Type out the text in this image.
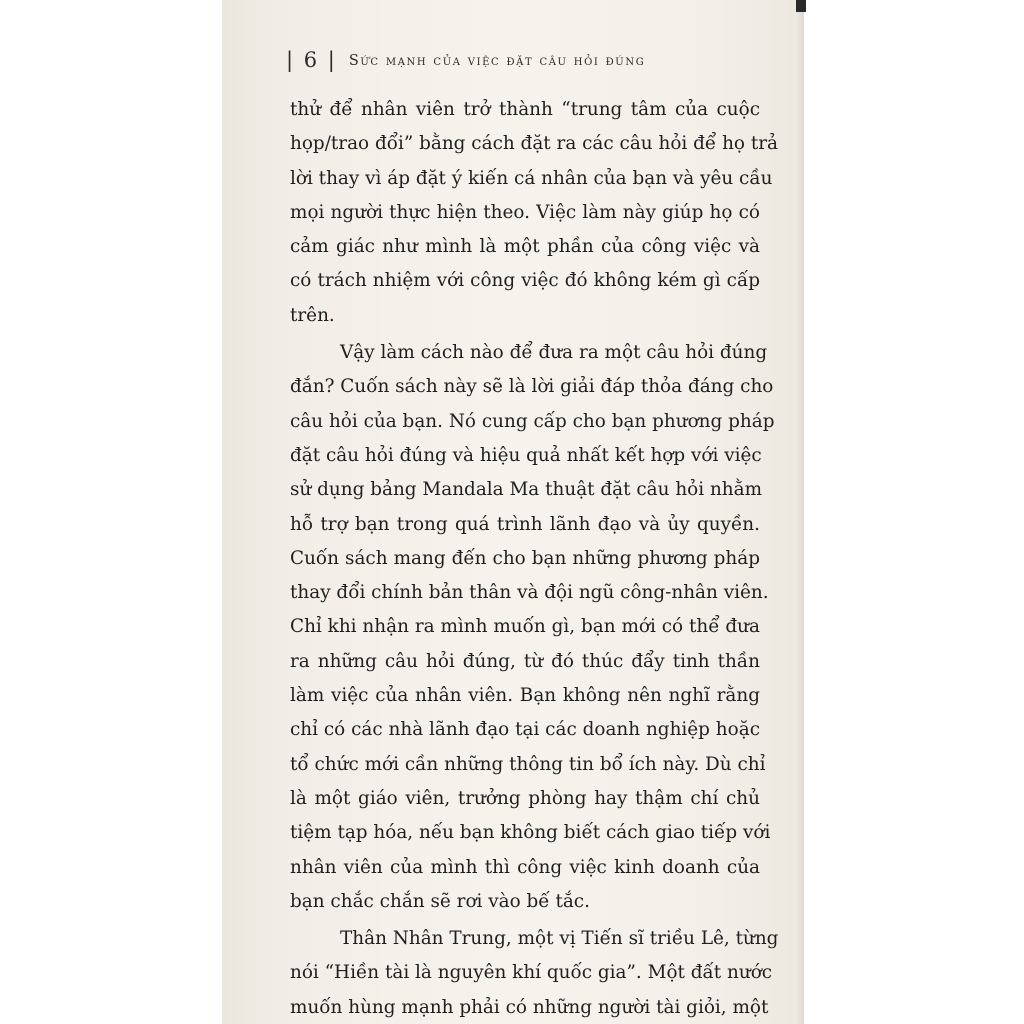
| 6 | Sức mạnh của việc đặt câu hỏi đúng
thử để nhân viên trở thành “trung tâm của cuộc
họp/trao đổi” bằng cách đặt ra các câu hỏi để họ trả
lời thay vì áp đặt ý kiến cá nhân của bạn và yêu cầu
mọi người thực hiện theo. Việc làm này giúp họ có
cảm giác như mình là một phần của công việc và
có trách nhiệm với công việc đó không kém gì cấp
trên.
Vậy làm cách nào để đưa ra một câu hỏi đúng
đắn? Cuốn sách này sẽ là lời giải đáp thỏa đáng cho
câu hỏi của bạn. Nó cung cấp cho bạn phương pháp
đặt câu hỏi đúng và hiệu quả nhất kết hợp với việc
sử dụng bảng Mandala Ma thuật đặt câu hỏi nhằm
hỗ trợ bạn trong quá trình lãnh đạo và ủy quyền.
Cuốn sách mang đến cho bạn những phương pháp
thay đổi chính bản thân và đội ngũ công-nhân viên.
Chỉ khi nhận ra mình muốn gì, bạn mới có thể đưa
ra những câu hỏi đúng, từ đó thúc đẩy tinh thần
làm việc của nhân viên. Bạn không nên nghĩ rằng
chỉ có các nhà lãnh đạo tại các doanh nghiệp hoặc
tổ chức mới cần những thông tin bổ ích này. Dù chỉ
là một giáo viên, trưởng phòng hay thậm chí chủ
tiệm tạp hóa, nếu bạn không biết cách giao tiếp với
nhân viên của mình thì công việc kinh doanh của
bạn chắc chắn sẽ rơi vào bế tắc.
Thân Nhân Trung, một vị Tiến sĩ triều Lê, từng
nói “Hiền tài là nguyên khí quốc gia”. Một đất nước
muốn hùng mạnh phải có những người tài giỏi, một
